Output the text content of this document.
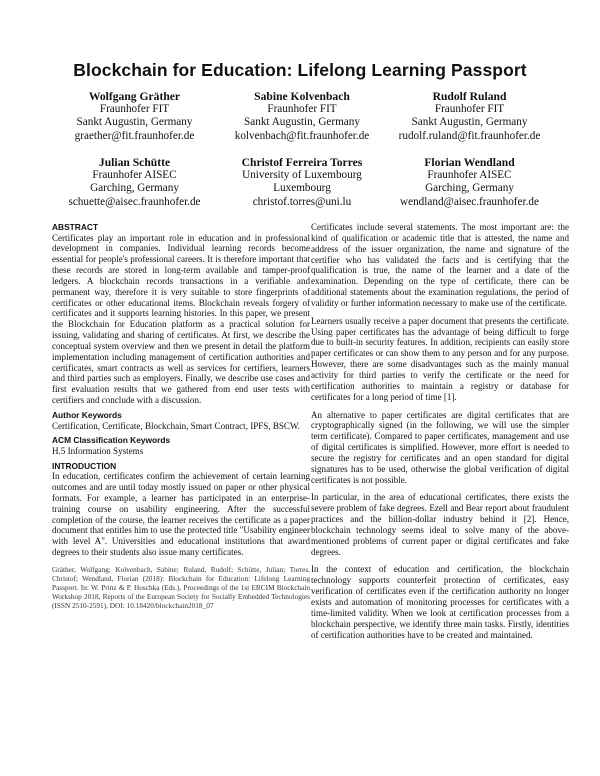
Blockchain for Education: Lifelong Learning Passport
Wolfgang Gräther
Fraunhofer FIT
Sankt Augustin, Germany
graether@fit.fraunhofer.de
Sabine Kolvenbach
Fraunhofer FIT
Sankt Augustin, Germany
kolvenbach@fit.fraunhofer.de
Rudolf Ruland
Fraunhofer FIT
Sankt Augustin, Germany
rudolf.ruland@fit.fraunhofer.de
Julian Schütte
Fraunhofer AISEC
Garching, Germany
schuette@aisec.fraunhofer.de
Christof Ferreira Torres
University of Luxembourg
Luxembourg
christof.torres@uni.lu
Florian Wendland
Fraunhofer AISEC
Garching, Germany
wendland@aisec.fraunhofer.de
ABSTRACT

Certificates play an important role in education and in professional development in companies. Individual learning records become essential for people's professional careers. It is therefore important that these records are stored in long-term available and tamper-proof ledgers. A blockchain records transactions in a verifiable and permanent way, therefore it is very suitable to store fingerprints of certificates or other educational items. Blockchain reveals forgery of certificates and it supports learning histories. In this paper, we present the Blockchain for Education platform as a practical solution for issuing, validating and sharing of certificates. At first, we describe the conceptual system overview and then we present in detail the platform implementation including management of certification authorities and certificates, smart contracts as well as services for certifiers, learners and third parties such as employers. Finally, we describe use cases and first evaluation results that we gathered from end user tests with certifiers and conclude with a discussion.

Author Keywords

Certification, Certificate, Blockchain, Smart Contract, IPFS, BSCW.

ACM Classification Keywords

H.5 Information Systems

INTRODUCTION

In education, certificates confirm the achievement of certain learning outcomes and are until today mostly issued on paper or other physical formats. For example, a learner has participated in an enterprise-training course on usability engineering. After the successful completion of the course, the learner receives the certificate as a paper document that entitles him to use the protected title "Usability engineer with level A". Universities and educational institutions that award degrees to their students also issue many certificates.

Gräther, Wolfgang; Kolvenbach, Sabine; Ruland, Rudolf; Schütte, Julian; Torres, Christof; Wendland, Florian (2018): Blockchain for Education: Lifelong Learning Passport. In: W. Prinz & P. Hoschka (Eds.), Proceedings of the 1st ERCIM Blockchain Workshop 2018, Reports of the European Society for Socially Embedded Technologies (ISSN 2510-2591), DOI: 10.18420/blockchain2018_07

Certificates include several statements. The most important are: the kind of qualification or academic title that is attested, the name and address of the issuer organization, the name and signature of the certifier who has validated the facts and is certifying that the qualification is true, the name of the learner and a date of the examination. Depending on the type of certificate, there can be additional statements about the examination regulations, the period of validity or further information necessary to make use of the certificate.

Learners usually receive a paper document that presents the certificate. Using paper certificates has the advantage of being difficult to forge due to built-in security features. In addition, recipients can easily store paper certificates or can show them to any person and for any purpose. However, there are some disadvantages such as the mainly manual activity for third parties to verify the certificate or the need for certification authorities to maintain a registry or database for certificates for a long period of time [1].

An alternative to paper certificates are digital certificates that are cryptographically signed (in the following, we will use the simpler term certificate). Compared to paper certificates, management and use of digital certificates is simplified. However, more effort is needed to secure the registry for certificates and an open standard for digital signatures has to be used, otherwise the global verification of digital certificates is not possible.

In particular, in the area of educational certificates, there exists the severe problem of fake degrees. Ezell and Bear report about fraudulent practices and the billion-dollar industry behind it [2]. Hence, blockchain technology seems ideal to solve many of the above-mentioned problems of current paper or digital certificates and fake degrees.

In the context of education and certification, the blockchain technology supports counterfeit protection of certificates, easy verification of certificates even if the certification authority no longer exists and automation of monitoring processes for certificates with a time-limited validity. When we look at certification processes from a blockchain perspective, we identify three main tasks. Firstly, identities of certification authorities have to be created and maintained.
